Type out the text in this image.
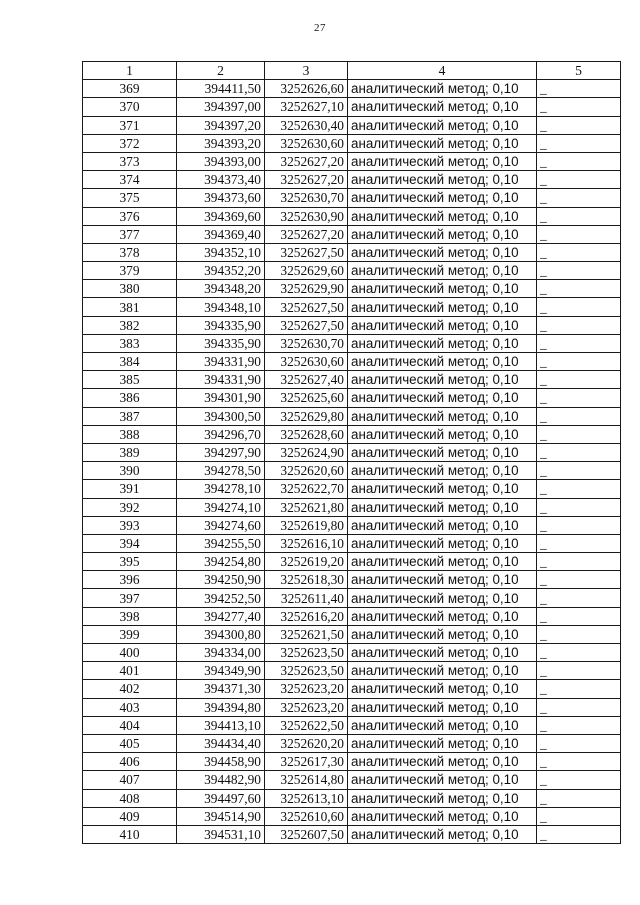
27
1	2	3	4	5
369	394411,50	3252626,60	аналитический метод; 0,10	_
370	394397,00	3252627,10	аналитический метод; 0,10	_
371	394397,20	3252630,40	аналитический метод; 0,10	_
372	394393,20	3252630,60	аналитический метод; 0,10	_
373	394393,00	3252627,20	аналитический метод; 0,10	_
374	394373,40	3252627,20	аналитический метод; 0,10	_
375	394373,60	3252630,70	аналитический метод; 0,10	_
376	394369,60	3252630,90	аналитический метод; 0,10	_
377	394369,40	3252627,20	аналитический метод; 0,10	_
378	394352,10	3252627,50	аналитический метод; 0,10	_
379	394352,20	3252629,60	аналитический метод; 0,10	_
380	394348,20	3252629,90	аналитический метод; 0,10	_
381	394348,10	3252627,50	аналитический метод; 0,10	_
382	394335,90	3252627,50	аналитический метод; 0,10	_
383	394335,90	3252630,70	аналитический метод; 0,10	_
384	394331,90	3252630,60	аналитический метод; 0,10	_
385	394331,90	3252627,40	аналитический метод; 0,10	_
386	394301,90	3252625,60	аналитический метод; 0,10	_
387	394300,50	3252629,80	аналитический метод; 0,10	_
388	394296,70	3252628,60	аналитический метод; 0,10	_
389	394297,90	3252624,90	аналитический метод; 0,10	_
390	394278,50	3252620,60	аналитический метод; 0,10	_
391	394278,10	3252622,70	аналитический метод; 0,10	_
392	394274,10	3252621,80	аналитический метод; 0,10	_
393	394274,60	3252619,80	аналитический метод; 0,10	_
394	394255,50	3252616,10	аналитический метод; 0,10	_
395	394254,80	3252619,20	аналитический метод; 0,10	_
396	394250,90	3252618,30	аналитический метод; 0,10	_
397	394252,50	3252611,40	аналитический метод; 0,10	_
398	394277,40	3252616,20	аналитический метод; 0,10	_
399	394300,80	3252621,50	аналитический метод; 0,10	_
400	394334,00	3252623,50	аналитический метод; 0,10	_
401	394349,90	3252623,50	аналитический метод; 0,10	_
402	394371,30	3252623,20	аналитический метод; 0,10	_
403	394394,80	3252623,20	аналитический метод; 0,10	_
404	394413,10	3252622,50	аналитический метод; 0,10	_
405	394434,40	3252620,20	аналитический метод; 0,10	_
406	394458,90	3252617,30	аналитический метод; 0,10	_
407	394482,90	3252614,80	аналитический метод; 0,10	_
408	394497,60	3252613,10	аналитический метод; 0,10	_
409	394514,90	3252610,60	аналитический метод; 0,10	_
410	394531,10	3252607,50	аналитический метод; 0,10	_
